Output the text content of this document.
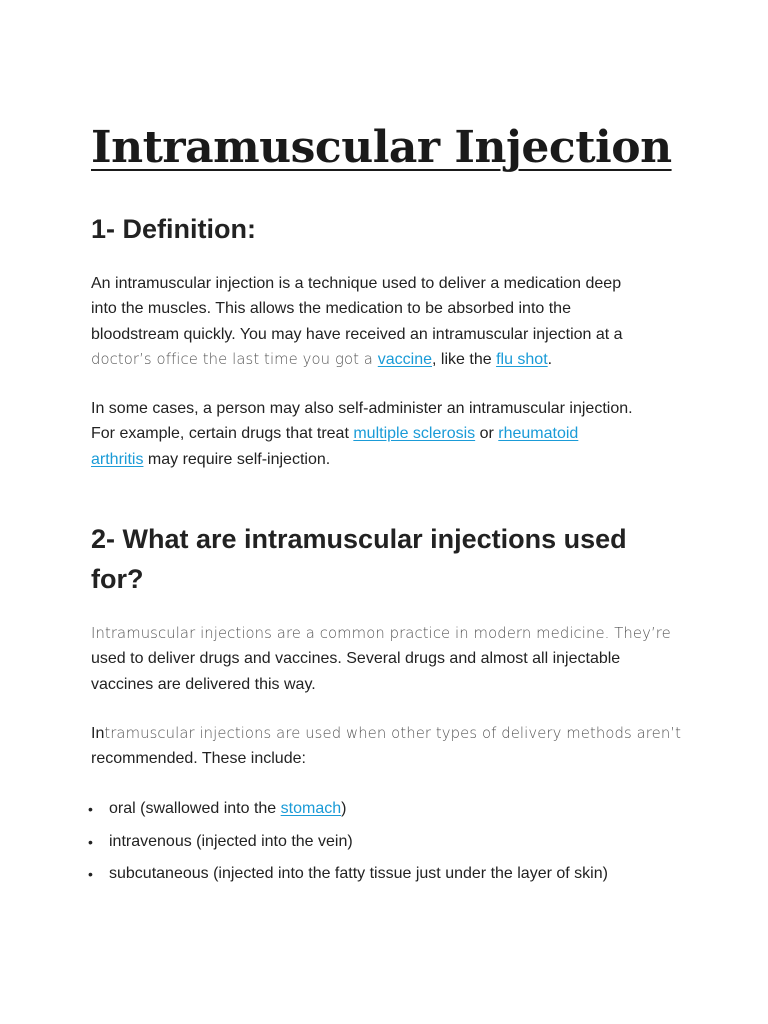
Intramuscular Injection
1- Definition:

An intramuscular injection is a technique used to deliver a medication deep
into the muscles. This allows the medication to be absorbed into the
bloodstream quickly. You may have received an intramuscular injection at a
doctor’s office the last time you got a vaccine, like the flu shot.

In some cases, a person may also self-administer an intramuscular injection.
For example, certain drugs that treat multiple sclerosis or rheumatoid
arthritis may require self-injection.

2- What are intramuscular injections used
for?

Intramuscular injections are a common practice in modern medicine. They’re
used to deliver drugs and vaccines. Several drugs and almost all injectable
vaccines are delivered this way.

Intramuscular injections are used when other types of delivery methods aren’t
recommended. These include:

• oral (swallowed into the stomach)
• intravenous (injected into the vein)
• subcutaneous (injected into the fatty tissue just under the layer of skin)
